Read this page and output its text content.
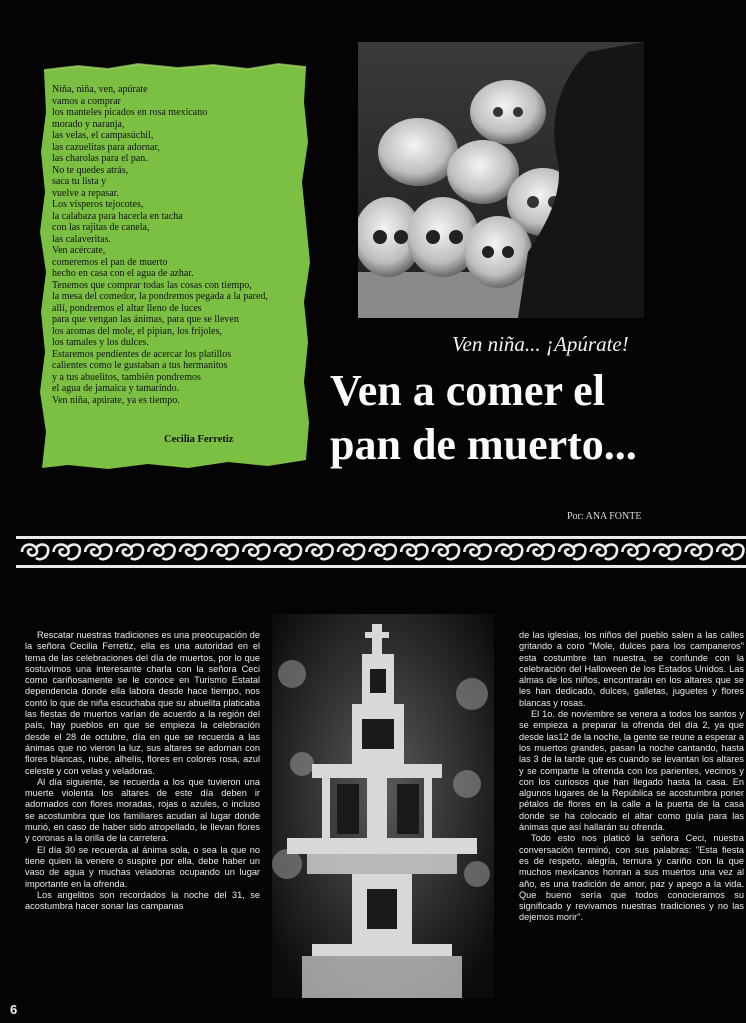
Niña, niña, ven, apúrate
vamos a comprar
los manteles picados en rosa mexicano
morado y naranja,
las velas, el campasúchil,
las cazuelitas para adornar,
las charolas para el pan.
No te quedes atrás,
saca tu lista y
vuelve a repasar.
Los vísperos tejocotes,
la calabaza para hacerla en tacha
con las rajitas de canela,
las calaveritas.
Ven acércate,
comeremos el pan de muerto
hecho en casa con el agua de azhar.
Tenemos que comprar todas las cosas con tiempo,
la mesa del comedor, la pondremos pegada a la pared,
allí, pondremos el altar lleno de luces
para que vengan las ánimas, para que se lleven
los aromas del mole, el pipian, los frijoles,
los tamales y los dulces.
Estaremos pendientes de acercar los platillos
calientes como le gustaban a tus hermanitos
y a tus abuelitos, también pondremos
el agua de jamaica y tamarindo.
Ven niña, apúrate, ya es tiempo.
Cecilia Ferretiz
Ven niña... ¡Apúrate!
Ven a comer el
pan de muerto...
Por: ANA FONTE

Rescatar nuestras tradiciones es una preocupación de la señora Cecilia Ferretiz, ella es una autoridad en el tema de las celebraciones del día de muertos, por lo que sostuvimos una interesante charla con la señora Ceci como cariñosamente se le conoce en Turismo Estatal dependencia donde ella labora desde hace tiempo, nos contó lo que de niña escuchaba que su abuelita platicaba las fiestas de muertos varían de acuerdo a la región del país, hay pueblos en que se empieza la celebración desde el 28 de octubre, día en que se recuerda a las ánimas que no vieron la luz, sus altares se adornan con flores blancas, nube, alhelís, flores en colores rosa, azul celeste y con velas y veladoras.

Al día siguiente, se recuerda a los que tuvieron una muerte violenta los altares de este día deben ir adornados con flores moradas, rojas o azules, o incluso se acostumbra que los familiares acudan al lugar donde murió, en caso de haber sido atropellado, le llevan flores y coronas a la orilla de la carretera.

El día 30 se recuerda al ánima sola, o sea la que no tiene quien la venere o suspire por ella, debe haber un vaso de agua y muchas veladoras ocupando un lugar importante en la ofrenda.

Los angelitos son recordados la noche del 31, se acostumbra hacer sonar las campanas

de las iglesias, los niños del pueblo salen a las calles gritando a coro "Mole, dulces para los campaneros" esta costumbre tan nuestra, se confunde con la celebración del Halloween de los Estados Unidos. Las almas de los niños, encontrarán en los altares que se les han dedicado, dulces, galletas, juguetes y flores blancas y rosas.

El 1o. de noviembre se venera a todos los santos y se empieza a preparar la ofrenda del día 2, ya que desde las12 de la noche, la gente se reune a esperar a los muertos grandes, pasan la noche cantando, hasta las 3 de la tarde que es cuando se levantan los altares y se comparte la ofrenda con los parientes, vecinos y con los curiosos que han llegado hasta la casa. En algunos lugares de la República se acostumbra poner pétalos de flores en la calle a la puerta de la casa donde se ha colocado el altar como guía para las ánimas que así hallarán su ofrenda.

Todo esto nos platicó la señora Ceci, nuestra conversación terminó, con sus palabras: "Esta fiesta es de respeto, alegría, ternura y cariño con la que muchos mexicanos honran a sus muertos una vez al año, es una tradición de amor, paz y apego a la vida. Que bueno sería que todos conocieramos su significado y revivamos nuestras tradiciones y no las dejemos morir".

6
